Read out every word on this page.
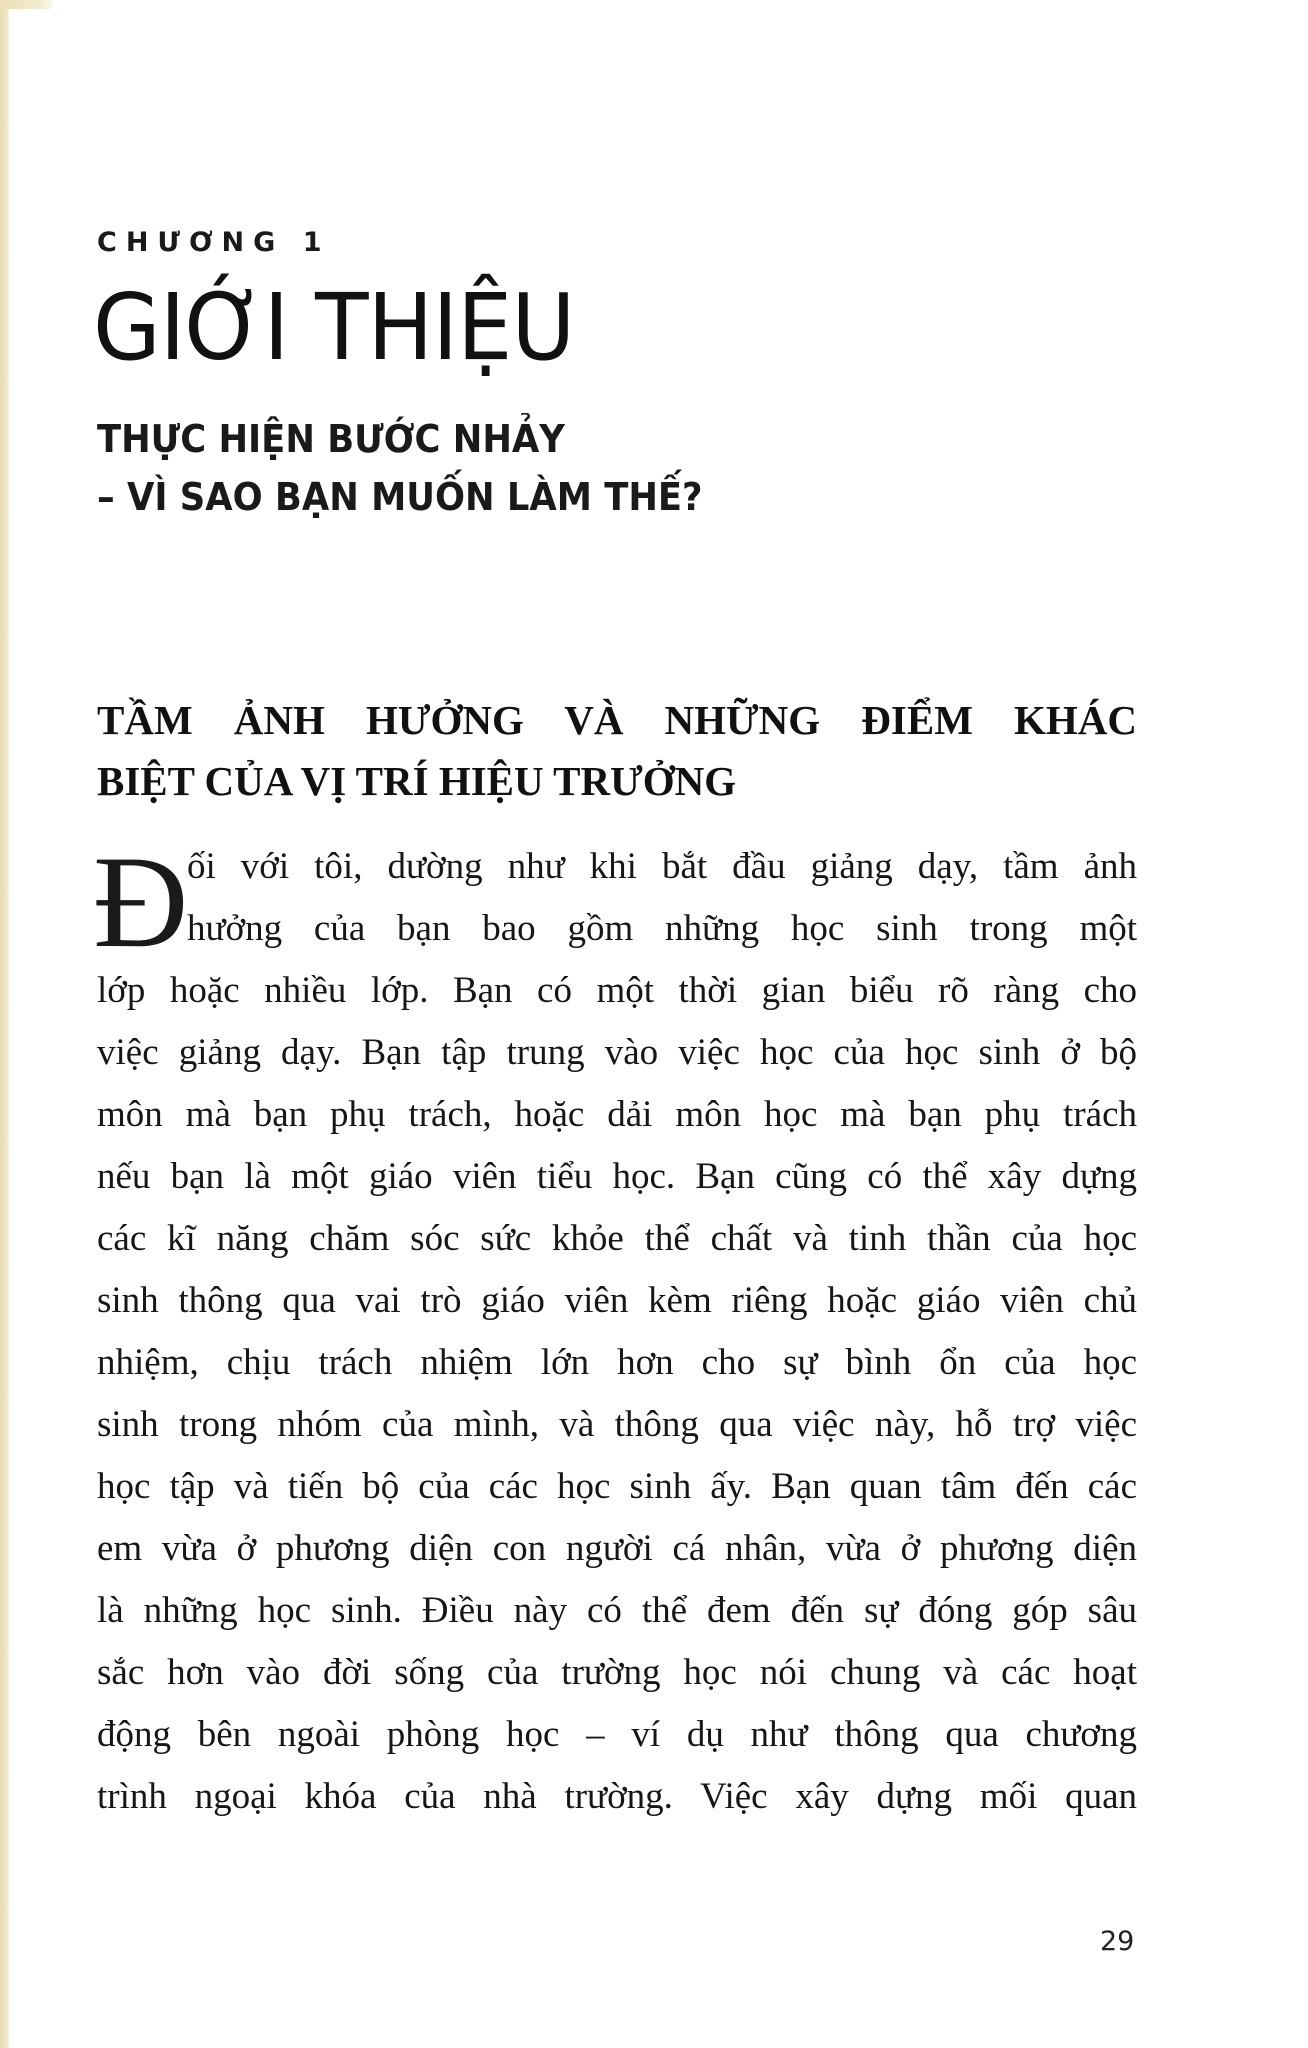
CHƯƠNG 1
GIỚI THIỆU
THỰC HIỆN BƯỚC NHẢY
– VÌ SAO BẠN MUỐN LÀM THẾ?
TẦM ẢNH HƯỞNG VÀ NHỮNG ĐIỂM KHÁC
BIỆT CỦA VỊ TRÍ HIỆU TRƯỞNG
Đ
ối với tôi, dường như khi bắt đầu giảng dạy, tầm ảnh
hưởng của bạn bao gồm những học sinh trong một
lớp hoặc nhiều lớp. Bạn có một thời gian biểu rõ ràng cho
việc giảng dạy. Bạn tập trung vào việc học của học sinh ở bộ
môn mà bạn phụ trách, hoặc dải môn học mà bạn phụ trách
nếu bạn là một giáo viên tiểu học. Bạn cũng có thể xây dựng
các kĩ năng chăm sóc sức khỏe thể chất và tinh thần của học
sinh thông qua vai trò giáo viên kèm riêng hoặc giáo viên chủ
nhiệm, chịu trách nhiệm lớn hơn cho sự bình ổn của học
sinh trong nhóm của mình, và thông qua việc này, hỗ trợ việc
học tập và tiến bộ của các học sinh ấy. Bạn quan tâm đến các
em vừa ở phương diện con người cá nhân, vừa ở phương diện
là những học sinh. Điều này có thể đem đến sự đóng góp sâu
sắc hơn vào đời sống của trường học nói chung và các hoạt
động bên ngoài phòng học – ví dụ như thông qua chương
trình ngoại khóa của nhà trường. Việc xây dựng mối quan
29
